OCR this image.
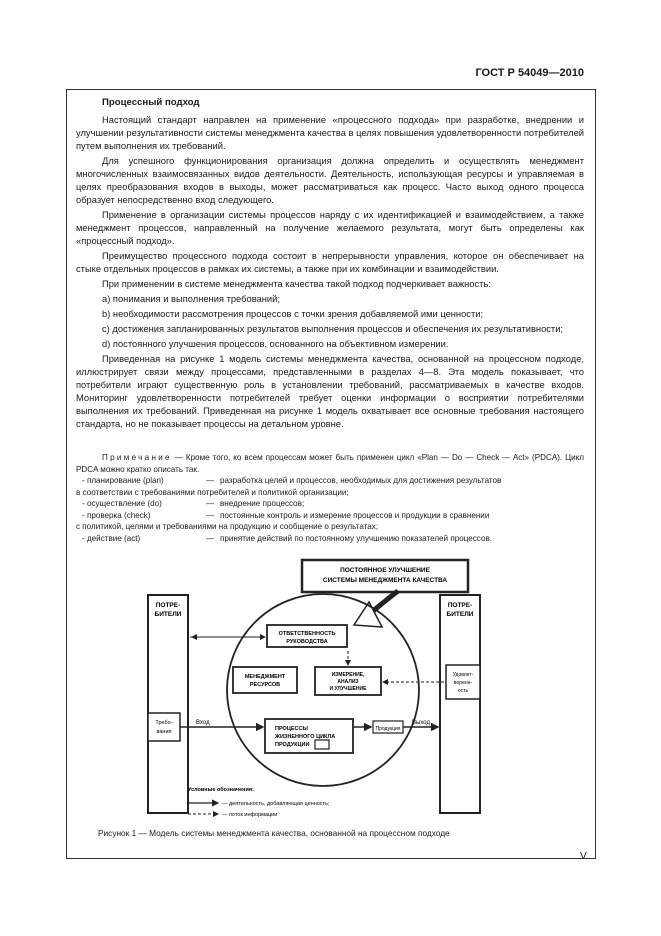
ГОСТ Р 54049—2010

Процессный подход

Настоящий стандарт направлен на применение «процессного подхода» при разработке, внедрении и улучшении результативности системы менеджмента качества в целях повышения удовлетворенности потребителей путем выполнения их требований.

Для успешного функционирования организация должна определить и осуществлять менеджмент многочисленных взаимосвязанных видов деятельности. Деятельность, использующая ресурсы и управляемая в целях преобразования входов в выходы, может рассматриваться как процесс. Часто выход одного процесса образует непосредственно вход следующего.

Применение в организации системы процессов наряду с их идентификацией и взаимодействием, а также менеджмент процессов, направленный на получение желаемого результата, могут быть определены как «процессный подход».

Преимущество процессного подхода состоит в непрерывности управления, которое он обеспечивает на стыке отдельных процессов в рамках их системы, а также при их комбинации и взаимодействии.

При применении в системе менеджмента качества такой подход подчеркивает важность:

a) понимания и выполнения требований;

b) необходимости рассмотрения процессов с точки зрения добавляемой ими ценности;

c) достижения запланированных результатов выполнения процессов и обеспечения их результативности;

d) постоянного улучшения процессов, основанного на объективном измерении.

Приведенная на рисунке 1 модель системы менеджмента качества, основанной на процессном подходе, иллюстрирует связи между процессами, представленными в разделах 4—8. Эта модель показывает, что потребители играют существенную роль в установлении требований, рассматриваемых в качестве входов. Мониторинг удовлетворенности потребителей требует оценки информации о восприятии потребителями выполнения их требований. Приведенная на рисунке 1 модель охватывает все основные требования настоящего стандарта, но не показывает процессы на детальном уровне.

Примечание — Кроме того, ко всем процессам может быть применен цикл «Plan — Do — Check — Act» (PDCA). Цикл PDCA можно кратко описать так.

- планирование (plan)	— разработка целей и процессов, необходимых для достижения результатов
в соответствии с требованиями потребителей и политикой организации;
- осуществление (do)	— внедрение процессов;
- проверка (check)	— постоянные контроль и измерение процессов и продукции в сравнении
с политикой, целями и требованиями на продукцию и сообщение о результатах;
- действие (act)	— принятие действий по постоянному улучшению показателей процессов.
ПОСТОЯННОЕ УЛУЧШЕНИЕ
СИСТЕМЫ МЕНЕДЖМЕНТА КАЧЕСТВА
ПОТРЕ-
БИТЕЛИ
ПОТРЕ-
БИТЕЛИ
ОТВЕТСТВЕННОСТЬ
РУКОВОДСТВА
МЕНЕДЖМЕНТ
РЕСУРСОВ
ИЗМЕРЕНИЕ,
АНАЛИЗ
И УЛУЧШЕНИЕ
ПРОЦЕССЫ
ЖИЗНЕННОГО ЦИКЛА
ПРОДУКЦИИ
Требо-
вания
Удовлет-
воренн-
ость
Вход
Продукция
Выход
Условные обозначения:
— деятельность, добавляющая ценность;
— поток информации
Рисунок 1 — Модель системы менеджмента качества, основанной на процессном подходе
V
